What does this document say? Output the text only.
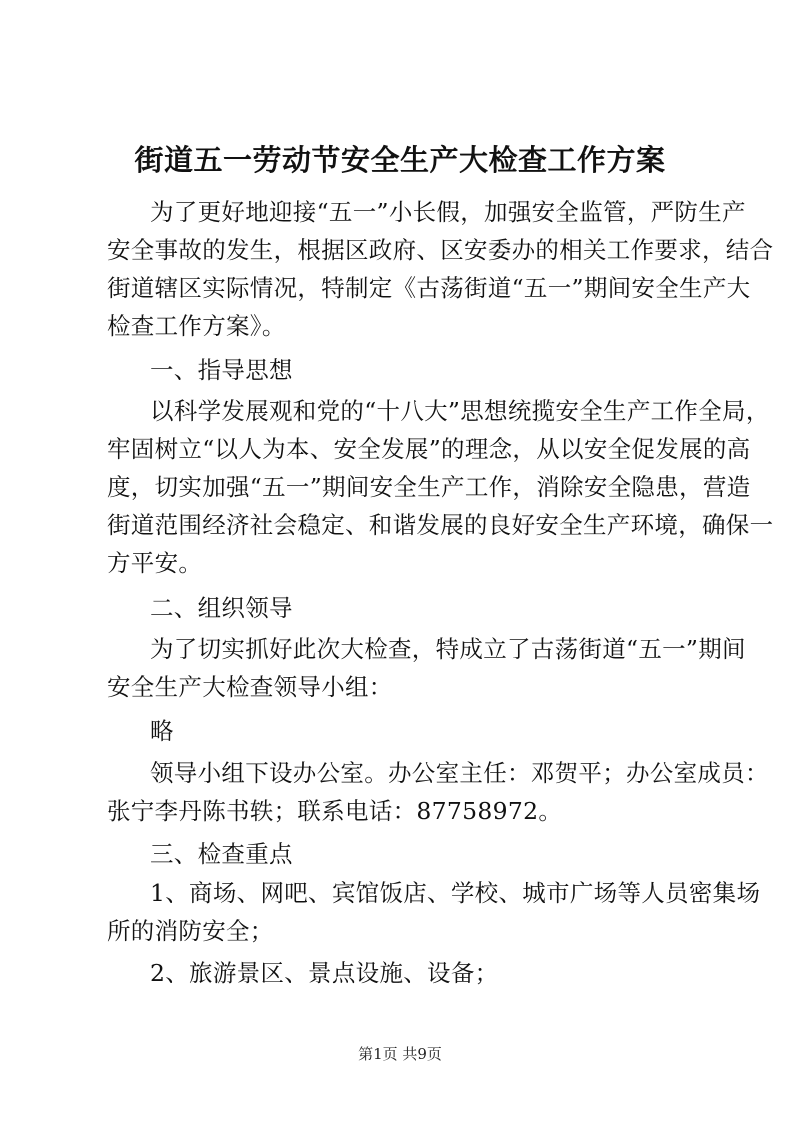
街道五一劳动节安全生产大检查工作方案
为了更好地迎接“五一”小长假，加强安全监管，严防生产
安全事故的发生，根据区政府、区安委办的相关工作要求，结合
街道辖区实际情况，特制定《古荡街道“五一”期间安全生产大
检查工作方案》。
一、指导思想
以科学发展观和党的“十八大”思想统揽安全生产工作全局，
牢固树立“以人为本、安全发展”的理念，从以安全促发展的高
度，切实加强“五一”期间安全生产工作，消除安全隐患，营造
街道范围经济社会稳定、和谐发展的良好安全生产环境，确保一
方平安。
二、组织领导
为了切实抓好此次大检查，特成立了古荡街道“五一”期间
安全生产大检查领导小组：
略
领导小组下设办公室。办公室主任：邓贺平；办公室成员：
张宁李丹陈书轶；联系电话：87758972。
三、检查重点
1、商场、网吧、宾馆饭店、学校、城市广场等人员密集场
所的消防安全；
2、旅游景区、景点设施、设备；
第1页 共9页
